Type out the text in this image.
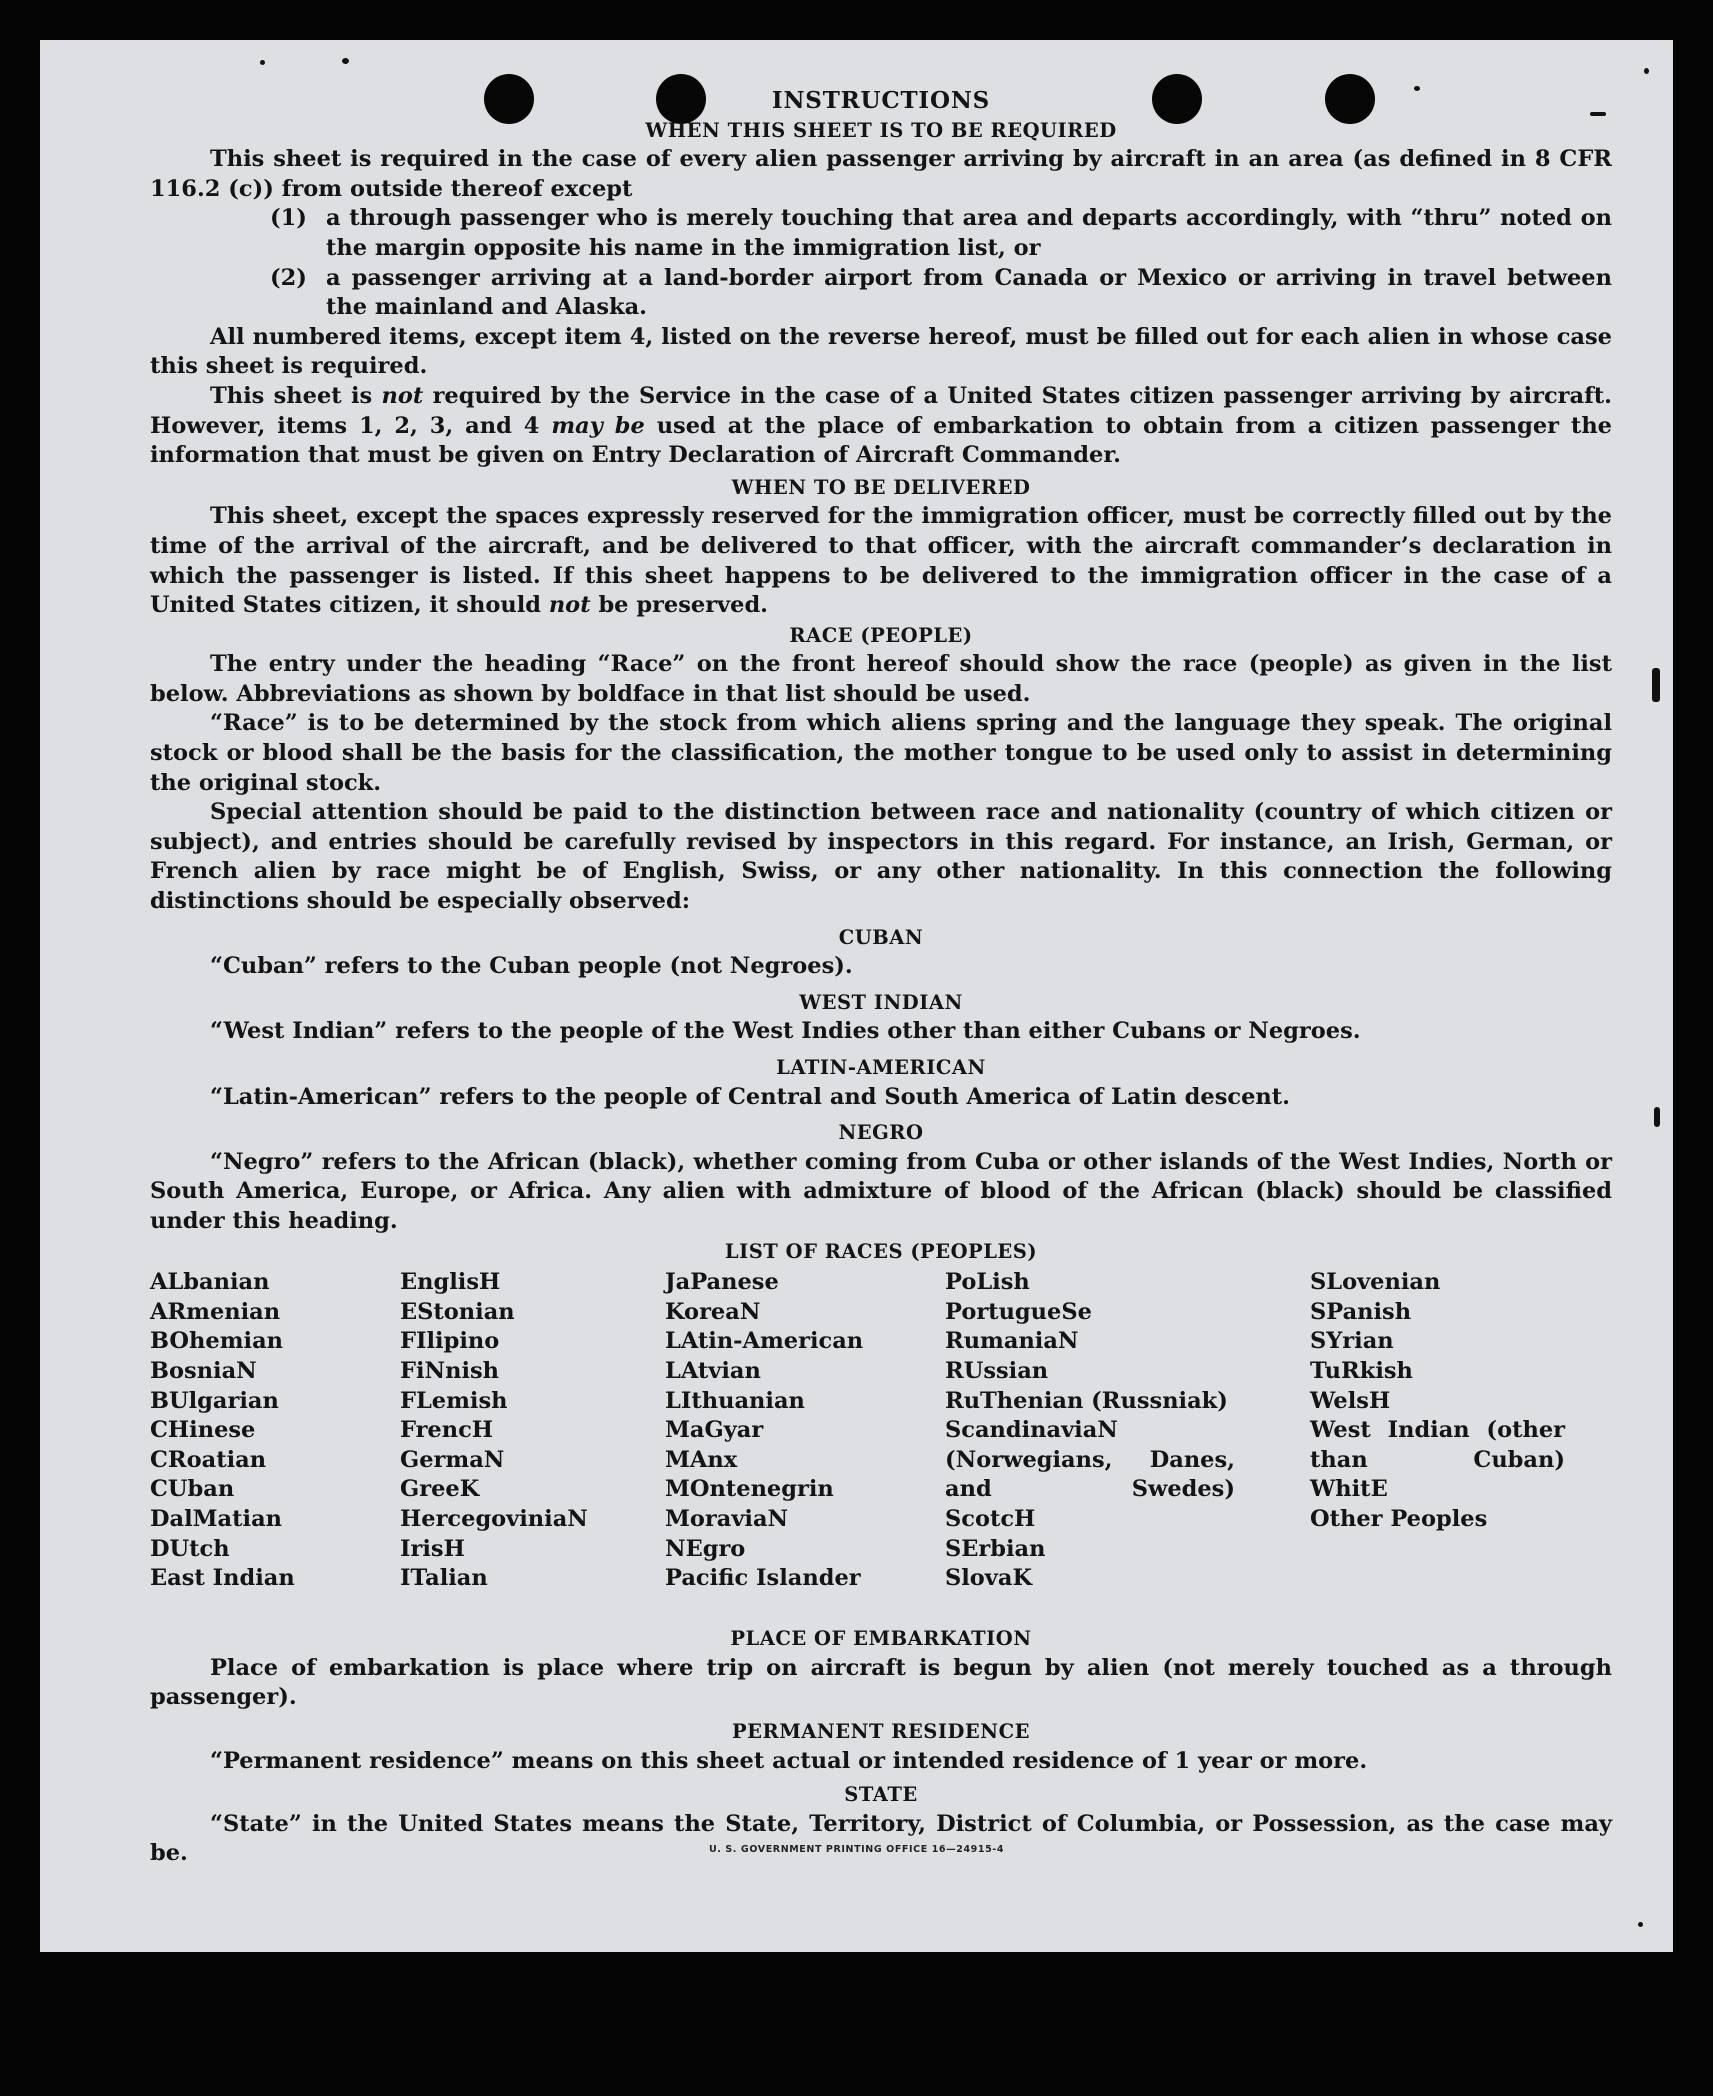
INSTRUCTIONS
WHEN THIS SHEET IS TO BE REQUIRED

This sheet is required in the case of every alien passenger arriving by aircraft in an area (as defined in 8 CFR 116.2 (c)) from outside thereof except

(1) a through passenger who is merely touching that area and departs accordingly, with “thru” noted on the margin opposite his name in the immigration list, or
(2) a passenger arriving at a land-border airport from Canada or Mexico or arriving in travel between the mainland and Alaska.

All numbered items, except item 4, listed on the reverse hereof, must be filled out for each alien in whose case this sheet is required.

This sheet is not required by the Service in the case of a United States citizen passenger arriving by aircraft. However, items 1, 2, 3, and 4 may be used at the place of embarkation to obtain from a citizen passenger the information that must be given on Entry Declaration of Aircraft Commander.

WHEN TO BE DELIVERED

This sheet, except the spaces expressly reserved for the immigration officer, must be correctly filled out by the time of the arrival of the aircraft, and be delivered to that officer, with the aircraft commander’s declaration in which the passenger is listed. If this sheet happens to be delivered to the immigration officer in the case of a United States citizen, it should not be preserved.

RACE (PEOPLE)

The entry under the heading “Race” on the front hereof should show the race (people) as given in the list below. Abbreviations as shown by boldface in that list should be used.

“Race” is to be determined by the stock from which aliens spring and the language they speak. The original stock or blood shall be the basis for the classification, the mother tongue to be used only to assist in determining the original stock.

Special attention should be paid to the distinction between race and nationality (country of which citizen or subject), and entries should be carefully revised by inspectors in this regard. For instance, an Irish, German, or French alien by race might be of English, Swiss, or any other nationality. In this connection the following distinctions should be especially observed:

CUBAN

“Cuban” refers to the Cuban people (not Negroes).

WEST INDIAN

“West Indian” refers to the people of the West Indies other than either Cubans or Negroes.

LATIN-AMERICAN

“Latin-American” refers to the people of Central and South America of Latin descent.

NEGRO

“Negro” refers to the African (black), whether coming from Cuba or other islands of the West Indies, North or South America, Europe, or Africa. Any alien with admixture of blood of the African (black) should be classified under this heading.

LIST OF RACES (PEOPLES)
ALbanian
ARmenian
BOhemian
BosniaN
BUlgarian
CHinese
CRoatian
CUban
DalMatian
DUtch
East Indian
EnglisH
EStonian
FIlipino
FiNnish
FLemish
FrencH
GermaN
GreeK
HercegoviniaN
IrisH
ITalian
JaPanese
KoreaN
LAtin-American
LAtvian
LIthuanian
MaGyar
MAnx
MOntenegrin
MoraviaN
NEgro
Pacific Islander
PoLish
PortugueSe
RumaniaN
RUssian
RuThenian (Russniak)
ScandinaviaN (Norwegians, Danes, and Swedes)
ScotcH
SErbian
SlovaK
SLovenian
SPanish
SYrian
TuRkish
WelsH
West Indian (other than Cuban)
WhitE
Other Peoples
PLACE OF EMBARKATION

Place of embarkation is place where trip on aircraft is begun by alien (not merely touched as a through passenger).

PERMANENT RESIDENCE

“Permanent residence” means on this sheet actual or intended residence of 1 year or more.

STATE

“State” in the United States means the State, Territory, District of Columbia, or Possession, as the case may be.	U. S. GOVERNMENT PRINTING OFFICE 16—24915-4
